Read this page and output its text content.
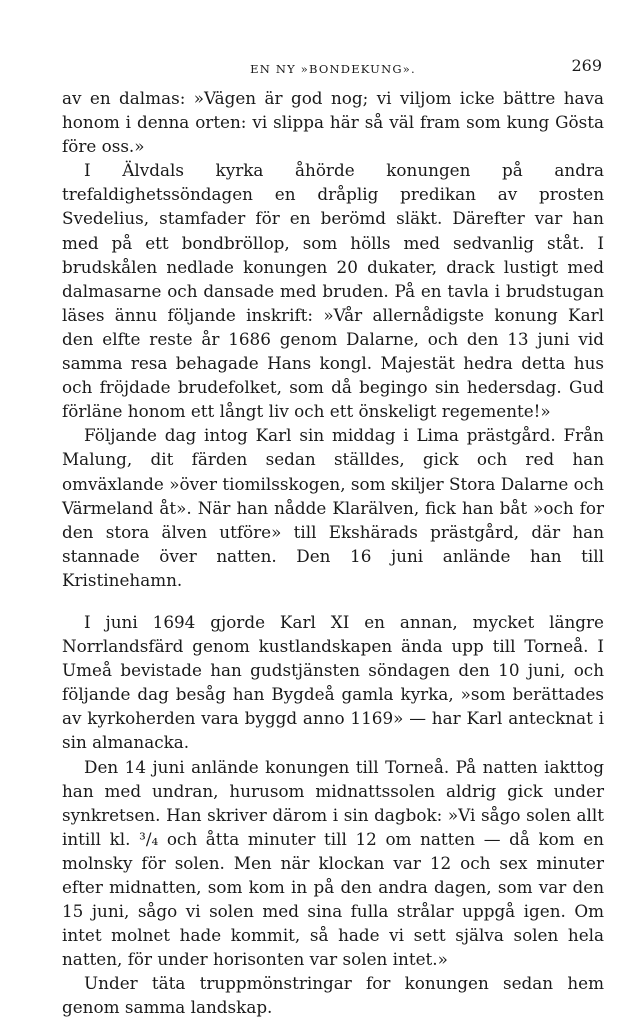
EN NY »BONDEKUNG».	269

av en dalmas: »Vägen är god nog; vi viljom icke bättre hava honom i denna orten: vi slippa här så väl fram som kung Gösta före oss.»

I Älvdals kyrka åhörde konungen på andra trefaldighetssöndagen en dråplig predikan av prosten Svedelius, stamfader för en berömd släkt. Därefter var han med på ett bondbröllop, som hölls med sedvanlig ståt. I brudskålen nedlade konungen 20 dukater, drack lustigt med dalmasarne och dansade med bruden. På en tavla i brudstugan läses ännu följande inskrift: »Vår allernådigste konung Karl den elfte reste år 1686 genom Dalarne, och den 13 juni vid samma resa behagade Hans kongl. Majestät hedra detta hus och fröjdade brudefolket, som då begingo sin hedersdag. Gud förläne honom ett långt liv och ett önskeligt regemente!»

Följande dag intog Karl sin middag i Lima prästgård. Från Malung, dit färden sedan ställdes, gick och red han omväxlande »över tiomilsskogen, som skiljer Stora Dalarne och Värmeland åt». När han nådde Klarälven, fick han båt »och for den stora älven utföre» till Ekshärads prästgård, där han stannade över natten. Den 16 juni anlände han till Kristinehamn.

I juni 1694 gjorde Karl XI en annan, mycket längre Norrlandsfärd genom kustlandskapen ända upp till Torneå. I Umeå bevistade han gudstjänsten söndagen den 10 juni, och följande dag besåg han Bygdeå gamla kyrka, »som berättades av kyrkoherden vara byggd anno 1169» — har Karl antecknat i sin almanacka.

Den 14 juni anlände konungen till Torneå. På natten iakttog han med undran, hurusom midnattssolen aldrig gick under synkretsen. Han skriver därom i sin dagbok: »Vi sågo solen allt intill kl. ³/₄ och åtta minuter till 12 om natten — då kom en molnsky för solen. Men när klockan var 12 och sex minuter efter midnatten, som kom in på den andra dagen, som var den 15 juni, sågo vi solen med sina fulla strålar uppgå igen. Om intet molnet hade kommit, så hade vi sett själva solen hela natten, för under horisonten var solen intet.»

Under täta truppmönstringar for konungen sedan hem genom samma landskap.
